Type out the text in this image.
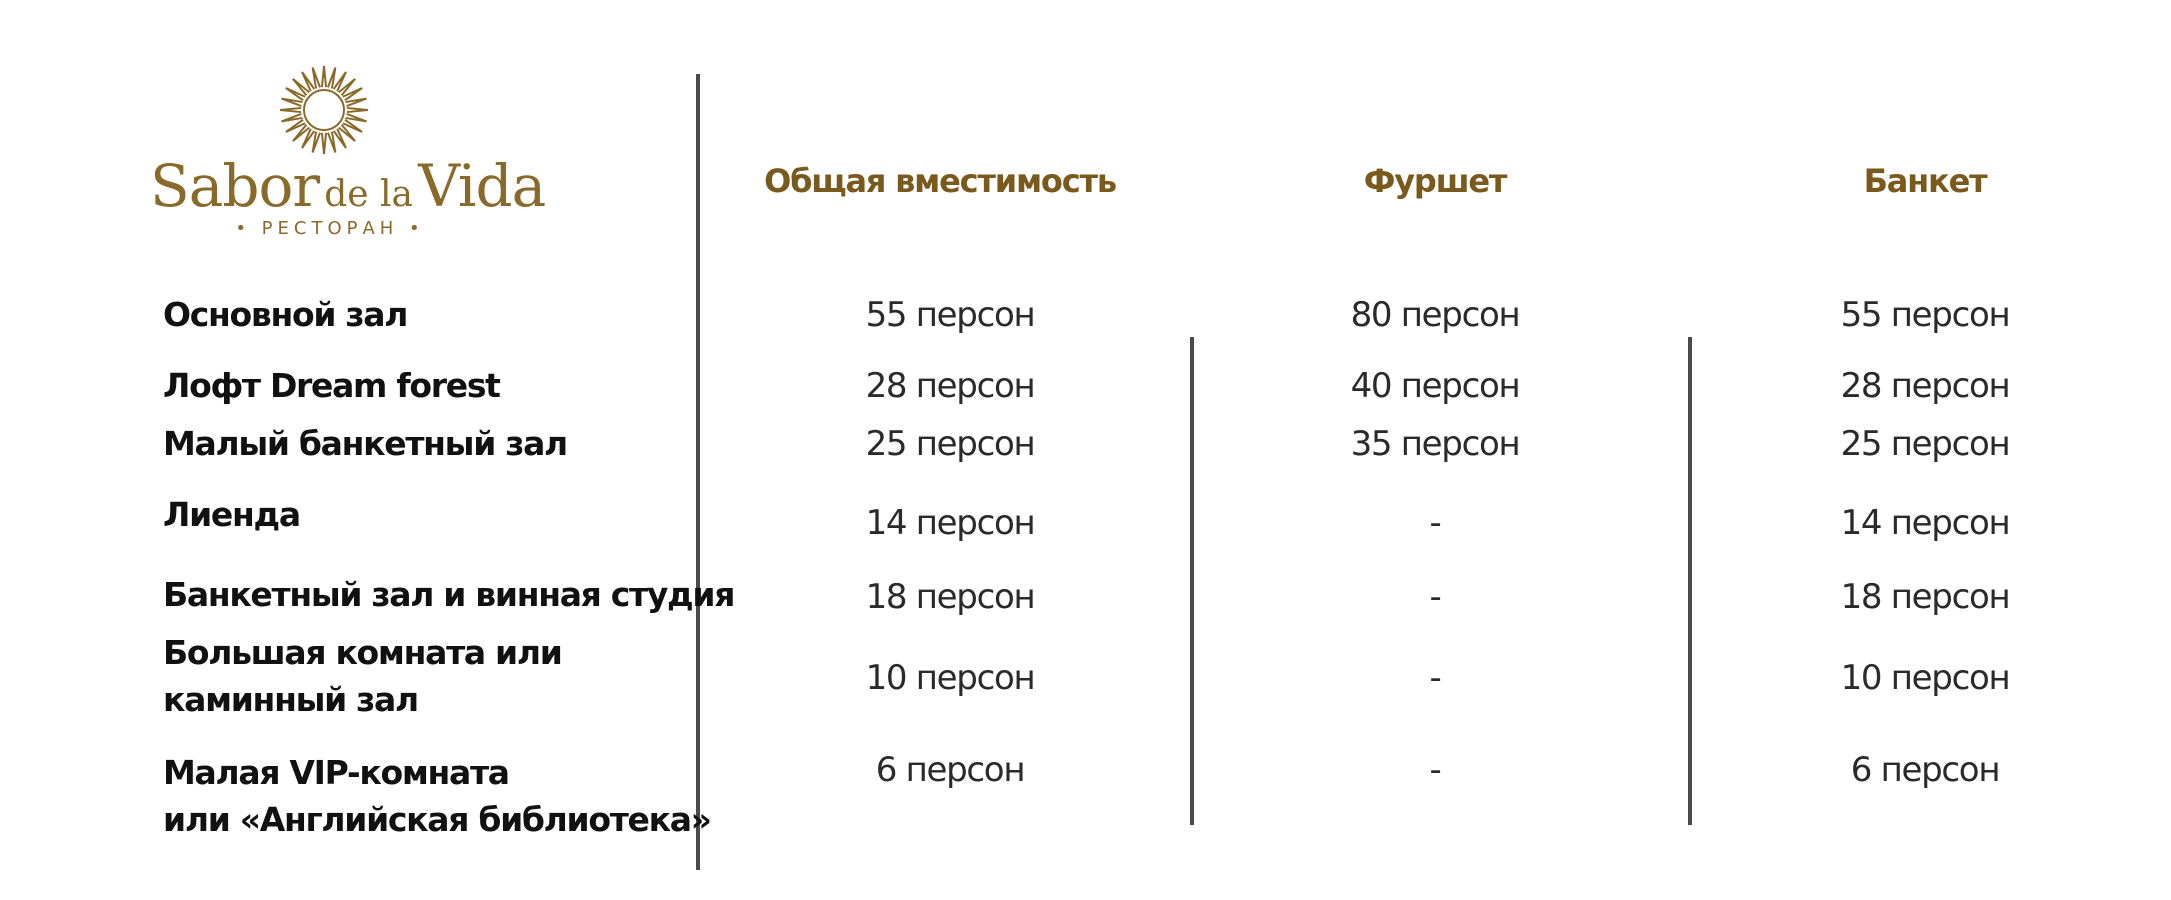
Sabor de la Vida
• РЕСТОРАН •
Общая вместимость	Фуршет	Банкет
Основной зал
Лофт Dream forest
Малый банкетный зал
Лиенда
Банкетный зал и винная студия
Большая комната или
каминный зал
Малая VIP-комната
или «Английская библиотека»
55 персон
28 персон
25 персон
14 персон
18 персон
10 персон
6 персон
80 персон
40 персон
35 персон
-
-
-
-
55 персон
28 персон
25 персон
14 персон
18 персон
10 персон
6 персон
